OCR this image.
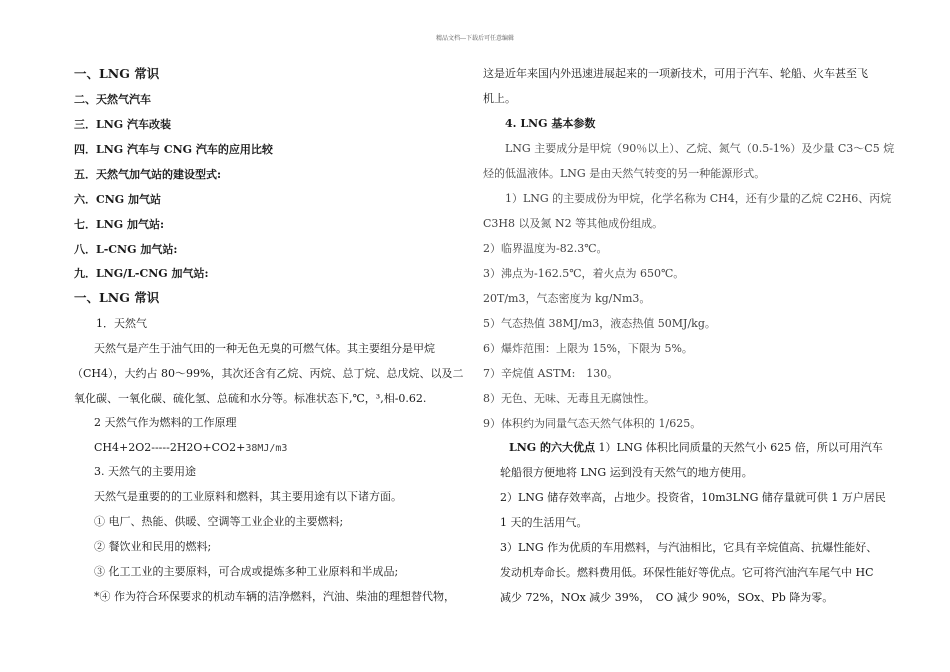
精品文档---下载后可任意编辑
一、LNG 常识
二、天然气汽车
三．LNG 汽车改装
四．LNG 汽车与 CNG 汽车的应用比较
五．天然气加气站的建设型式:
六．CNG 加气站
七．LNG 加气站:
八．L-CNG 加气站:
九．LNG/L-CNG 加气站:
一、LNG 常识
1．天然气
天然气是产生于油气田的一种无色无臭的可燃气体。其主要组分是甲烷
（CH4），大约占 80～99%，其次还含有乙烷、丙烷、总丁烷、总戊烷、以及二
氧化碳、一氧化碳、硫化氢、总硫和水分等。标准状态下,℃，³,相-0.62.
2 天然气作为燃料的工作原理
CH4+2O2-----2H2O+CO2+38MJ/m3
3. 天然气的主要用途
天然气是重要的的工业原料和燃料，其主要用途有以下诸方面。
① 电厂、热能、供暖、空调等工业企业的主要燃料;
② 餐饮业和民用的燃料;
③ 化工工业的主要原料，可合成或提炼多种工业原料和半成品;
*④ 作为符合环保要求的机动车辆的洁净燃料，汽油、柴油的理想替代物，
这是近年来国内外迅速进展起来的一项新技术，可用于汽车、轮船、火车甚至飞
机上。
4. LNG 基本参数
LNG 主要成分是甲烷（90％以上）、乙烷、氮气（0.5-1%）及少量 C3～C5 烷
烃的低温液体。LNG 是由天然气转变的另一种能源形式。
1）LNG 的主要成份为甲烷，化学名称为 CH4，还有少量的乙烷 C2H6、丙烷
C3H8 以及氮 N2 等其他成份组成。
2）临界温度为-82.3℃。
3）沸点为-162.5℃，着火点为 650℃。
20T/m3，气态密度为 kg/Nm3。
5）气态热值 38MJ/m3，液态热值 50MJ/kg。
6）爆炸范围：上限为 15%，下限为 5%。
7）辛烷值 ASTM:　130。
8）无色、无味、无毒且无腐蚀性。
9）体积约为同量气态天然气体积的 1/625。
LNG 的六大优点 1）LNG 体积比同质量的天然气小 625 倍，所以可用汽车
轮船很方便地将 LNG 运到没有天然气的地方使用。
2）LNG 储存效率高，占地少。投资省，10m3LNG 储存量就可供 1 万户居民
1 天的生活用气。
3）LNG 作为优质的车用燃料，与汽油相比，它具有辛烷值高、抗爆性能好、
发动机寿命长。燃料费用低。环保性能好等优点。它可将汽油汽车尾气中 HC
减少 72%，NOx 减少 39%，　CO 减少 90%，SOx、Pb 降为零。
